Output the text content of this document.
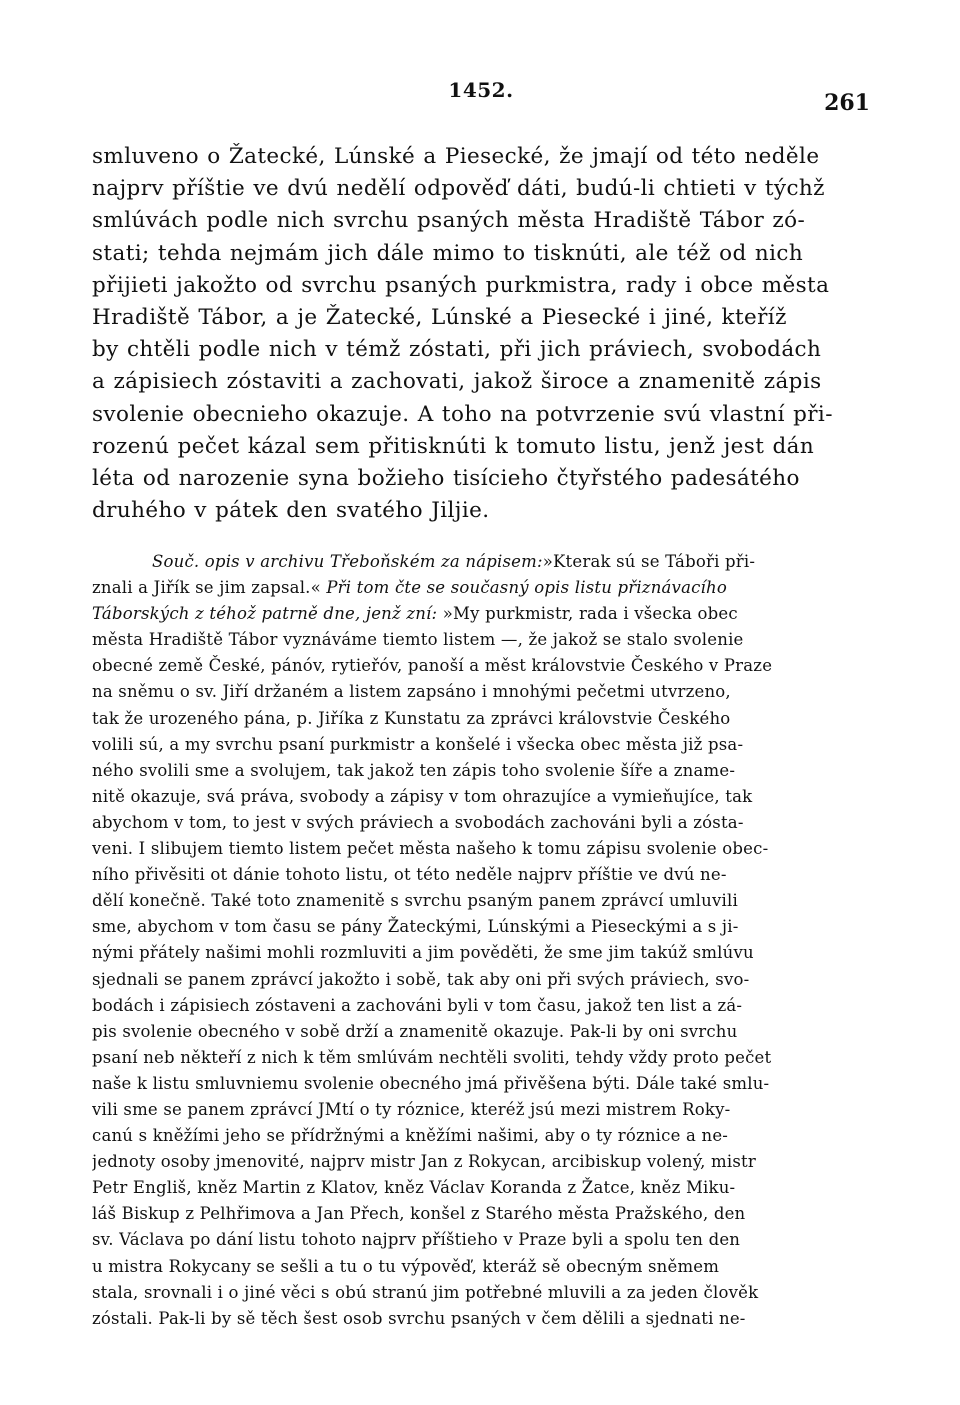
1452.	261
smluveno o Žatecké, Lúnské a Piesecké, že jmají od této neděle
najprv příštie ve dvú nedělí odpověď dáti, budú-li chtieti v týchž
smlúvách podle nich svrchu psaných města Hradiště Tábor zó-
stati; tehda nejmám jich dále mimo to tisknúti, ale též od nich
přijieti jakožto od svrchu psaných purkmistra, rady i obce města
Hradiště Tábor, a je Žatecké, Lúnské a Piesecké i jiné, kteříž
by chtěli podle nich v témž zóstati, při jich práviech, svobodách
a zápisiech zóstaviti a zachovati, jakož široce a znamenitě zápis
svolenie obecnieho okazuje. A toho na potvrzenie svú vlastní při-
rozenú pečet kázal sem přitisknúti k tomuto listu, jenž jest dán
léta od narozenie syna božieho tisícieho čtyřstého padesátého
druhého v pátek den svatého Jiljie.
Souč. opis v archivu Třeboňském za nápisem:»Kterak sú se Táboři při-
znali a Jiřík se jim zapsal.« Při tom čte se současný opis listu přiznávacího
Táborských z téhož patrně dne, jenž zní: »My purkmistr, rada i všecka obec
města Hradiště Tábor vyznáváme tiemto listem —, že jakož se stalo svolenie
obecné země České, pánóv, rytieřóv, panoší a měst královstvie Českého v Praze
na sněmu o sv. Jiří držaném a listem zapsáno i mnohými pečetmi utvrzeno,
tak že urozeného pána, p. Jiříka z Kunstatu za zprávci královstvie Českého
volili sú, a my svrchu psaní purkmistr a konšelé i všecka obec města již psa-
ného svolili sme a svolujem, tak jakož ten zápis toho svolenie šíře a zname-
nitě okazuje, svá práva, svobody a zápisy v tom ohrazujíce a vymieňujíce, tak
abychom v tom, to jest v svých práviech a svobodách zachováni byli a zósta-
veni. I slibujem tiemto listem pečet města našeho k tomu zápisu svolenie obec-
ního přivěsiti ot dánie tohoto listu, ot této neděle najprv příštie ve dvú ne-
dělí konečně. Také toto znamenitě s svrchu psaným panem zprávcí umluvili
sme, abychom v tom času se pány Žateckými, Lúnskými a Pieseckými a s ji-
nými přátely našimi mohli rozmluviti a jim pověděti, že sme jim takúž smlúvu
sjednali se panem zprávcí jakožto i sobě, tak aby oni při svých práviech, svo-
bodách i zápisiech zóstaveni a zachováni byli v tom času, jakož ten list a zá-
pis svolenie obecného v sobě drží a znamenitě okazuje. Pak-li by oni svrchu
psaní neb někteří z nich k těm smlúvám nechtěli svoliti, tehdy vždy proto pečet
naše k listu smluvniemu svolenie obecného jmá přivěšena býti. Dále také smlu-
vili sme se panem zprávcí JMtí o ty róznice, kteréž jsú mezi mistrem Roky-
canú s kněžími jeho se přídržnými a kněžími našimi, aby o ty róznice a ne-
jednoty osoby jmenovité, najprv mistr Jan z Rokycan, arcibiskup volený, mistr
Petr Engliš, kněz Martin z Klatov, kněz Václav Koranda z Žatce, kněz Miku-
láš Biskup z Pelhřimova a Jan Přech, konšel z Starého města Pražského, den
sv. Václava po dání listu tohoto najprv příštieho v Praze byli a spolu ten den
u mistra Rokycany se sešli a tu o tu výpověď, kteráž sě obecným sněmem
stala, srovnali i o jiné věci s obú stranú jim potřebné mluvili a za jeden člověk
zóstali. Pak-li by sě těch šest osob svrchu psaných v čem dělili a sjednati ne-
